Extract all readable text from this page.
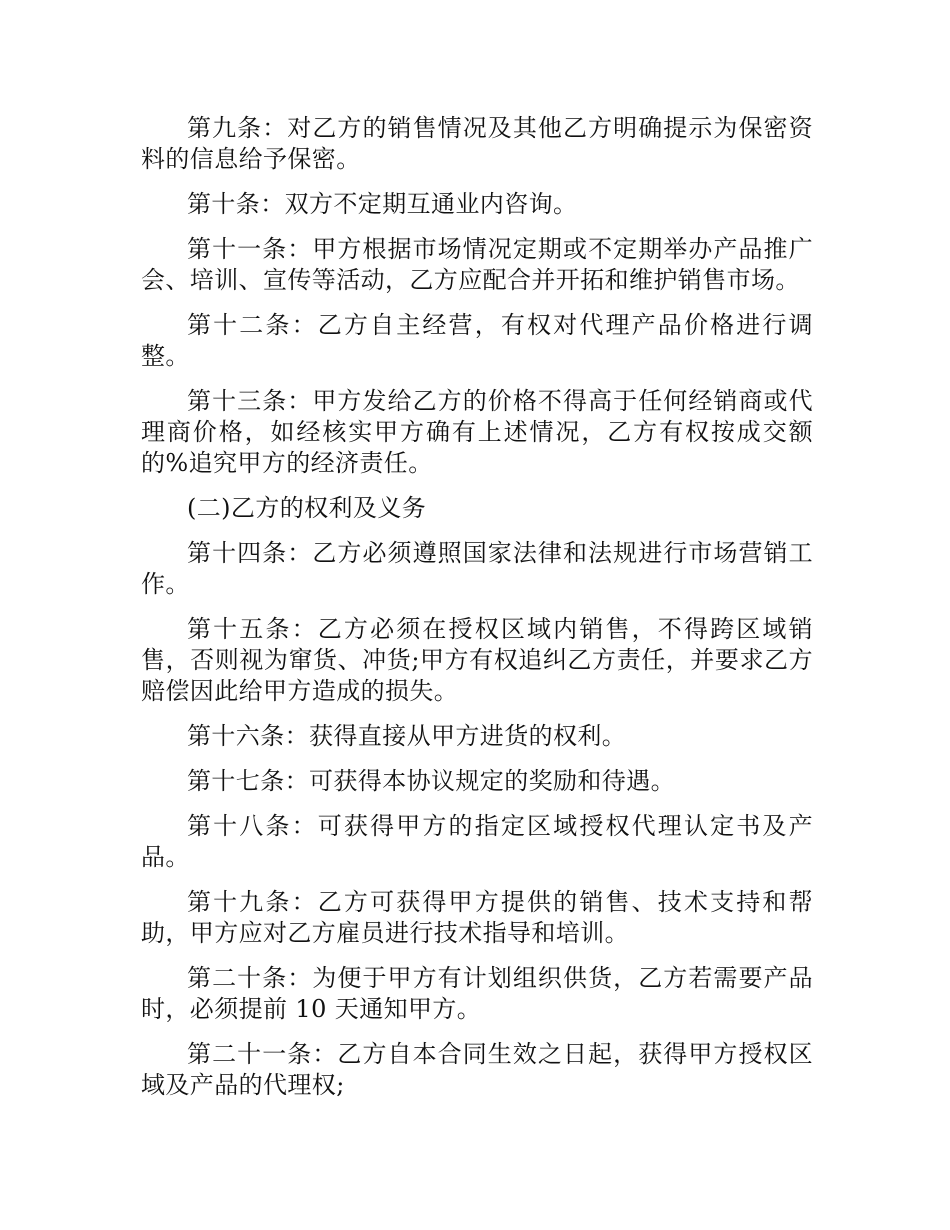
第九条：对乙方的销售情况及其他乙方明确提示为保密资料的信息给予保密。

第十条：双方不定期互通业内咨询。

第十一条：甲方根据市场情况定期或不定期举办产品推广会、培训、宣传等活动，乙方应配合并开拓和维护销售市场。

第十二条：乙方自主经营，有权对代理产品价格进行调整。

第十三条：甲方发给乙方的价格不得高于任何经销商或代理商价格，如经核实甲方确有上述情况，乙方有权按成交额的%追究甲方的经济责任。

(二)乙方的权利及义务

第十四条：乙方必须遵照国家法律和法规进行市场营销工作。

第十五条：乙方必须在授权区域内销售，不得跨区域销售，否则视为窜货、冲货;甲方有权追纠乙方责任，并要求乙方赔偿因此给甲方造成的损失。

第十六条：获得直接从甲方进货的权利。

第十七条：可获得本协议规定的奖励和待遇。

第十八条：可获得甲方的指定区域授权代理认定书及产品。

第十九条：乙方可获得甲方提供的销售、技术支持和帮助，甲方应对乙方雇员进行技术指导和培训。

第二十条：为便于甲方有计划组织供货，乙方若需要产品时，必须提前 10 天通知甲方。

第二十一条：乙方自本合同生效之日起，获得甲方授权区域及产品的代理权;
